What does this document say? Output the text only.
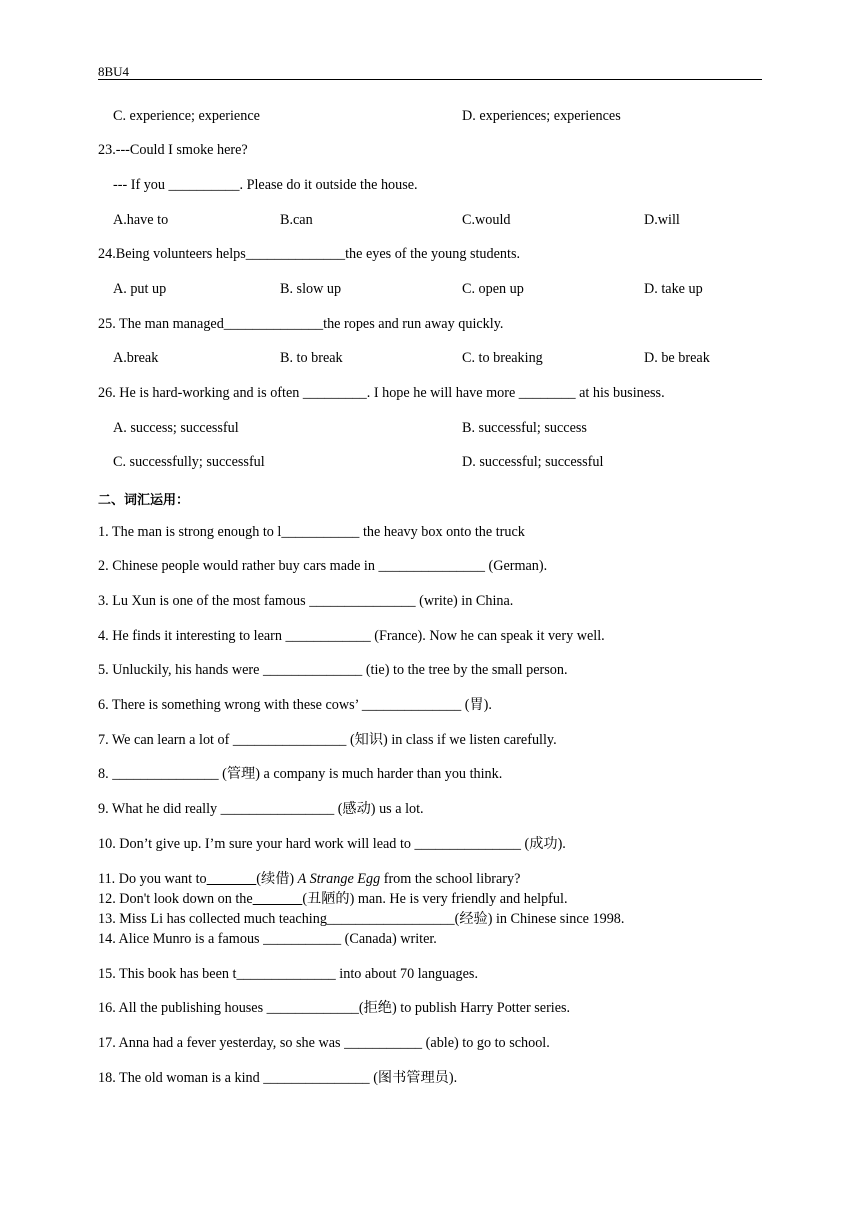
8BU4
C. experience; experience	D. experiences; experiences
23.---Could I smoke here?
--- If you __________. Please do it outside the house.
A.have to	B.can	C.would	D.will
24.Being volunteers helps______________the eyes of the young students.
A. put up	B. slow up	C. open up	D. take up
25. The man managed______________the ropes and run away quickly.
A.break	B. to break	C. to breaking	D. be break
26. He is hard-working and is often _________. I hope he will have more ________ at his business.
A. success; successful	B. successful; success
C. successfully; successful	D. successful; successful
二、词汇运用：
1. The man is strong enough to l___________ the heavy box onto the truck
2. Chinese people would rather buy cars made in _______________ (German).
3. Lu Xun is one of the most famous _______________ (write) in China.
4. He finds it interesting to learn ____________ (France). Now he can speak it very well.
5. Unluckily, his hands were ______________ (tie) to the tree by the small person.
6. There is something wrong with these cows’ ______________ (胃).
7. We can learn a lot of ________________ (知识) in class if we listen carefully.
8. _______________ (管理) a company is much harder than you think.
9. What he did really ________________ (感动) us a lot.
10. Don’t give up. I’m sure your hard work will lead to _______________ (成功).
11. Do you want to	(续借) A Strange Egg from the school library?
12. Don't look down on the	(丑陋的) man. He is very friendly and helpful.
13. Miss Li has collected much teaching__________________(经验) in Chinese since 1998.
14. Alice Munro is a famous ___________ (Canada) writer.
15. This book has been t______________ into about 70 languages.
16. All the publishing houses _____________(拒绝) to publish Harry Potter series.
17. Anna had a fever yesterday, so she was ___________ (able) to go to school.
18. The old woman is a kind _______________ (图书管理员).
